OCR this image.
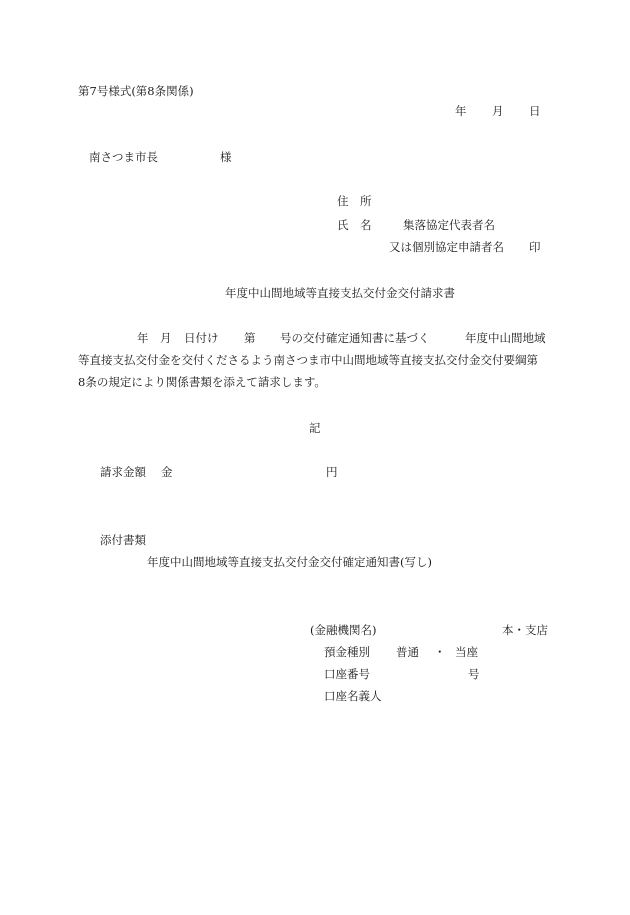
第7号様式(第8条関係)
年 月 日
南さつま市長	様
住　所
氏　名	集落協定代表者名
又は個別協定申請者名 印
年度中山間地域等直接支払交付金交付請求書
年 月 日付け 第 号の交付確定通知書に基づく	年度中山間地域
等直接支払交付金を交付くださるよう南さつま市中山間地域等直接支払交付金交付要綱第
8条の規定により関係書類を添えて請求します。
記
請求金額 金	円
添付書類
年度中山間地域等直接支払交付金交付確定通知書(写し)
(金融機関名)	本・支店
預金種別 普通 ・ 当座
口座番号	号
口座名義人
